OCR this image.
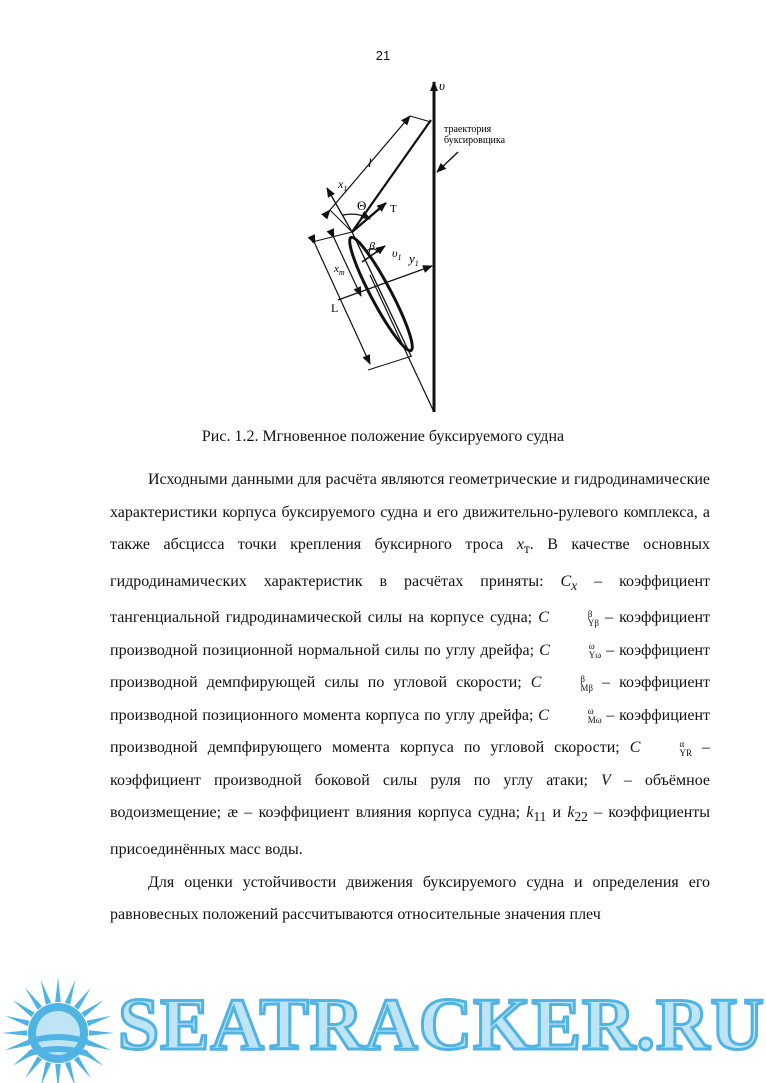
21
υ
траектория
буксировщика
l
$x_1$
Θ T
$\beta_1$ $\upsilon_1$ $y_1$
$x_т$
L
Рис. 1.2. Мгновенное положение буксируемого судна

Исходными данными для расчёта являются геометрические и гидродинамические характеристики корпуса буксируемого судна и его движительно-рулевого комплекса, а также абсцисса точки крепления буксирного троса $x_т$. В качестве основных гидродинамических характеристик в расчётах приняты: $C_x$ – коэффициент тангенциальной гидродинамической силы на корпусе судна; C	β
Yβ – коэффициент производной позиционной нормальной силы по углу дрейфа; C	ω
Yω – коэффициент производной демпфирующей силы по угловой скорости; C	β
Mβ – коэффициент производной позиционного момента корпуса по углу дрейфа; C	ω
Mω – коэффициент производной демпфирующего момента корпуса по угловой скорости; C	α
YR – коэффициент производной боковой силы руля по углу атаки; V – объёмное водоизмещение; æ – коэффициент влияния корпуса судна; $k_{11}$ и $k_{22}$ – коэффициенты присоединённых масс воды.

Для оценки устойчивости движения буксируемого судна и определения его равновесных положений рассчитываются относительные значения плеч

SEATRACKER.RU
